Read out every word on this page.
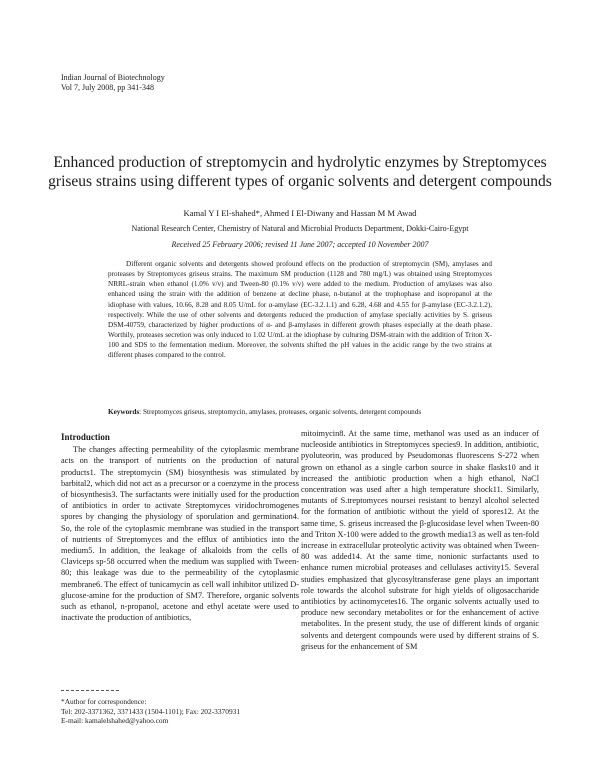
Indian Journal of Biotechnology
Vol 7, July 2008, pp 341-348
Enhanced production of streptomycin and hydrolytic enzymes by Streptomyces griseus strains using different types of organic solvents and detergent compounds
Kamal Y I El-shahed*, Ahmed I El-Diwany and Hassan M M Awad
National Research Center, Chemistry of Natural and Microbial Products Department, Dokki-Cairo-Egypt
Received 25 February 2006; revised 11 June 2007; accepted 10 November 2007
Different organic solvents and detergents showed profound effects on the production of streptomycin (SM), amylases and proteases by Streptomyces griseus strains. The maximum SM production (1128 and 780 mg/L) was obtained using Streptomyces NRRL-strain when ethanol (1.0% v/v) and Tween-80 (0.1% v/v) were added to the medium. Production of amylases was also enhanced using the strain with the addition of benzene at decline phase, n-butanol at the trophophase and isopropanol at the idiophase with values, 10.66, 8.28 and 8.05 U/mL for α-amylase (EC-3.2.1.1) and 6.28, 4.68 and 4.55 for β-amylase (EC-3.2.1.2), respectively. While the use of other solvents and detergents reduced the production of amylase specially activities by S. griseus DSM-40759, characterized by higher productions of α- and β-amylases in different growth phases especially at the death phase. Worthily, proteases secretion was only induced to 1.02 U/mL at the idiophase by culturing DSM-strain with the addition of Triton X-100 and SDS to the fermentation medium. Moreover, the solvents shifted the pH values in the acidic range by the two strains at different phases compared to the control.
Keywords: Streptomyces griseus, streptomycin, amylases, proteases, organic solvents, detergent compounds
Introduction

The changes affecting permeability of the cytoplasmic membrane acts on the transport of nutrients on the production of natural products1. The streptomycin (SM) biosynthesis was stimulated by barbital2, which did not act as a precursor or a coenzyme in the process of biosynthesis3. The surfactants were initially used for the production of antibiotics in order to activate Streptomyces viridochromogenes spores by changing the physiology of sporulation and germination4. So, the role of the cytoplasmic membrane was studied in the transport of nutrients of Streptomyces and the efflux of antibiotics into the medium5. In addition, the leakage of alkaloids from the cells of Claviceps sp-58 occurred when the medium was supplied with Tween-80; this leakage was due to the permeability of the cytoplasmic membrane6. The effect of tunicamycin as cell wall inhibitor utilized D-glucose-amine for the production of SM7. Therefore, organic solvents such as ethanol, n-propanol, acetone and ethyl acetate were used to inactivate the production of antibiotics,

mitoimycin8. At the same time, methanol was used as an inducer of nucleoside antibiotics in Streptomyces species9. In addition, antibiotic, pyoluteorin, was produced by Pseudomonas fluorescens S-272 when grown on ethanol as a single carbon source in shake flasks10 and it increased the antibiotic production when a high ethanol, NaCl concentration was used after a high temperature shock11. Similarly, mutants of S.treptomyces noursei resistant to benzyl alcohol selected for the formation of antibiotic without the yield of spores12. At the same time, S. griseus increased the β-glucosidase level when Tween-80 and Triton X-100 were added to the growth media13 as well as ten-fold increase in extracellular proteolytic activity was obtained when Tween-80 was added14. At the same time, nonionic surfactants used to enhance rumen microbial proteases and cellulases activity15. Several studies emphasized that glycosyltransferase gene plays an important role towards the alcohol substrate for high yields of oligosaccharide antibiotics by actinomycetes16. The organic solvents actually used to produce new secondary metabolites or for the enhancement of active metabolites. In the present study, the use of different kinds of organic solvents and detergent compounds were used by different strains of S. griseus for the enhancement of SM

*Author for correspondence:
Tel: 202-3371362, 3371433 (1504-1101); Fax: 202-3370931
E-mail: kamalelshahed@yahoo.com
